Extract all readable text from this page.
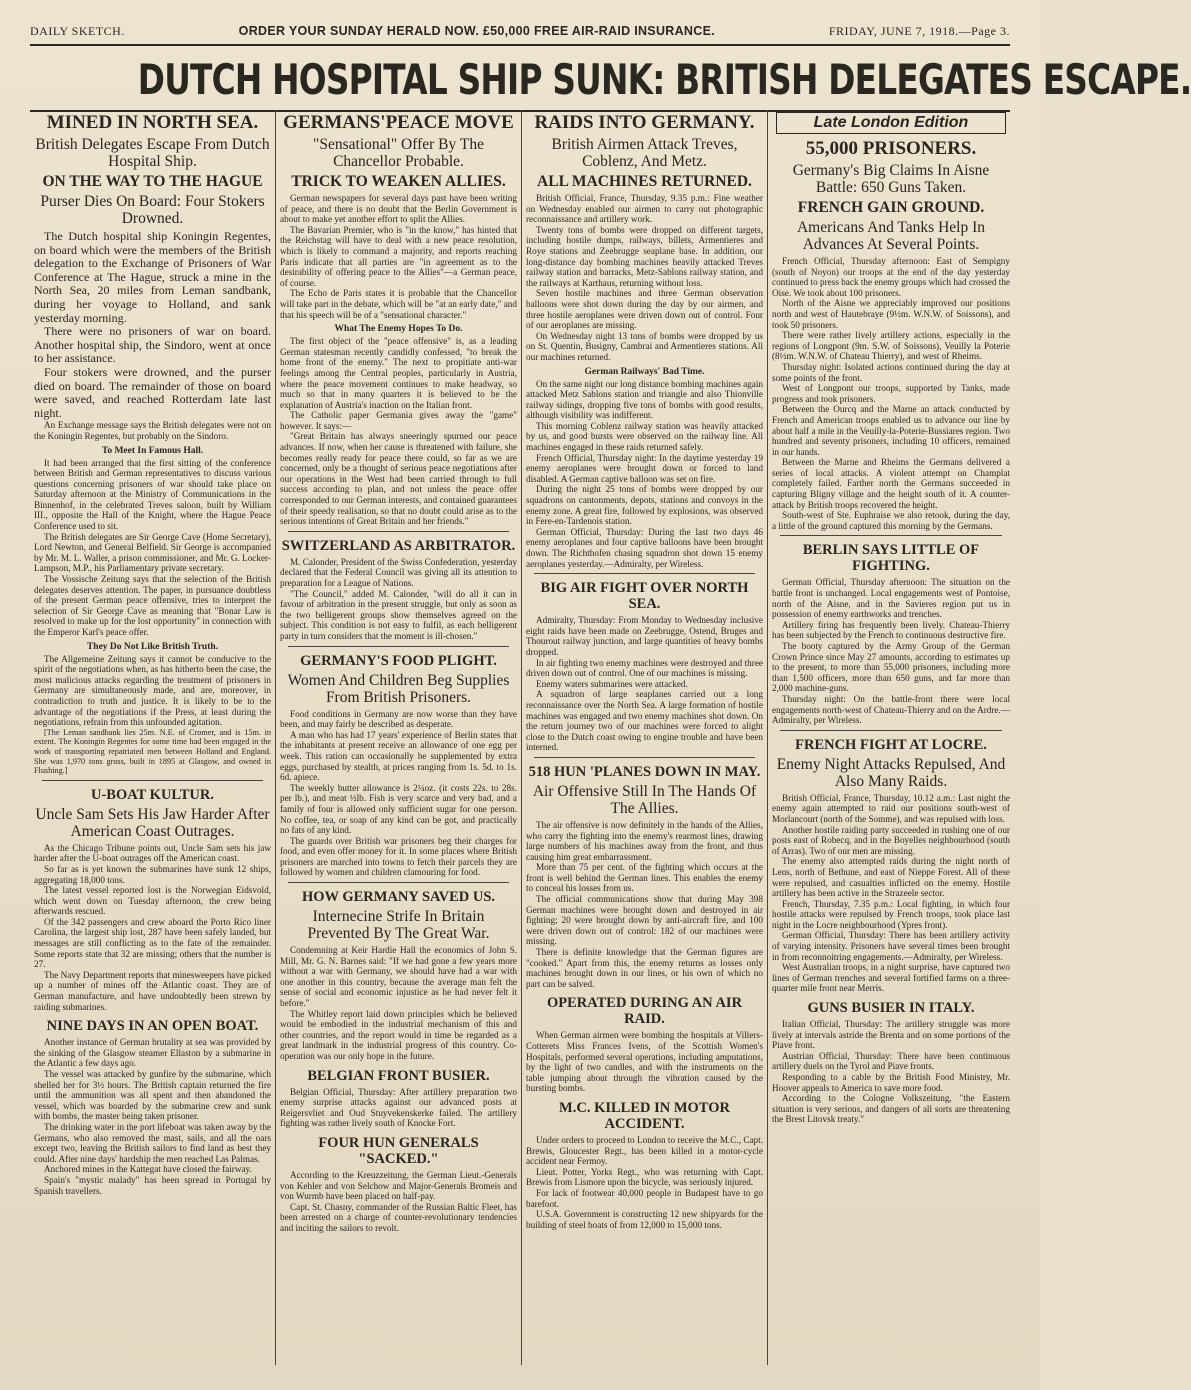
DAILY SKETCH.	ORDER YOUR SUNDAY HERALD NOW. £50,000 FREE AIR-RAID INSURANCE.	FRIDAY, JUNE 7, 1918.—Page 3.
DUTCH HOSPITAL SHIP SUNK: BRITISH DELEGATES ESCAPE.
MINED IN NORTH SEA.
British Delegates Escape From Dutch Hospital Ship.
ON THE WAY TO THE HAGUE
Purser Dies On Board: Four Stokers Drowned.

The Dutch hospital ship Koningin Regentes, on board which were the members of the British delegation to the Exchange of Prisoners of War Conference at The Hague, struck a mine in the North Sea, 20 miles from Leman sandbank, during her voyage to Holland, and sank yesterday morning.

There were no prisoners of war on board. Another hospital ship, the Sindoro, went at once to her assistance.

Four stokers were drowned, and the purser died on board. The remainder of those on board were saved, and reached Rotterdam late last night.

An Exchange message says the British delegates were not on the Koningin Regentes, but probably on the Sindoro.

To Meet In Famous Hall.

It had been arranged that the first sitting of the conference between British and German representatives to discuss various questions concerning prisoners of war should take place on Saturday afternoon at the Ministry of Communications in the Binnenhof, in the celebrated Treves saloon, built by William III., opposite the Hall of the Knight, where the Hague Peace Conference used to sit.

The British delegates are Sir George Cave (Home Secretary), Lord Newton, and General Belfield. Sir George is accompanied by Mr. M. L. Waller, a prison commissioner, and Mr. G. Locker-Lampson, M.P., his Parliamentary private secretary.

The Vossische Zeitung says that the selection of the British delegates deserves attention. The paper, in pursuance doubtless of the present German peace offensive, tries to interpret the selection of Sir George Cave as meaning that "Bonar Law is resolved to make up for the lost opportunity" in connection with the Emperor Karl's peace offer.

They Do Not Like British Truth.

The Allgemeine Zeitung says it cannot be conducive to the spirit of the negotiations when, as has hitherto been the case, the most malicious attacks regarding the treatment of prisoners in Germany are simultaneously made, and are, moreover, in contradiction to truth and justice. It is likely to be to the advantage of the negotiations if the Press, at least during the negotiations, refrain from this unfounded agitation.

[The Leman sandbank lies 25m. N.E. of Cromer, and is 15m. in extent. The Koningin Regentes for some time had been engaged in the work of transporting repatriated men between Holland and England. She was 1,970 tons gross, built in 1895 at Glasgow, and owned in Flushing.]

U-BOAT KULTUR.
Uncle Sam Sets His Jaw Harder After American Coast Outrages.

As the Chicago Tribune points out, Uncle Sam sets his jaw harder after the U-boat outrages off the American coast.

So far as is yet known the submarines have sunk 12 ships, aggregating 18,000 tons.

The latest vessel reported lost is the Norwegian Eidsvold, which went down on Tuesday afternoon, the crew being afterwards rescued.

Of the 342 passengers and crew aboard the Porto Rico liner Carolina, the largest ship lost, 287 have been safely landed, but messages are still conflicting as to the fate of the remainder. Some reports state that 32 are missing; others that the number is 27.

The Navy Department reports that minesweepers have picked up a number of mines off the Atlantic coast. They are of German manufacture, and have undoubtedly been strewn by raiding submarines.

NINE DAYS IN AN OPEN BOAT.

Another instance of German brutality at sea was provided by the sinking of the Glasgow steamer Ellaston by a submarine in the Atlantic a few days ago.

The vessel was attacked by gunfire by the submarine, which shelled her for 3½ hours. The British captain returned the fire until the ammunition was all spent and then abandoned the vessel, which was boarded by the submarine crew and sunk with bombs, the master being taken prisoner.

The drinking water in the port lifeboat was taken away by the Germans, who also removed the mast, sails, and all the oars except two, leaving the British sailors to find land as best they could. After nine days' hardship the men reached Las Palmas.

Anchored mines in the Kattegat have closed the fairway.

Spain's "mystic malady" has been spread in Portugal by Spanish travellers.

GERMANS'PEACE MOVE
"Sensational" Offer By The Chancellor Probable.
TRICK TO WEAKEN ALLIES.

German newspapers for several days past have been writing of peace, and there is no doubt that the Berlin Government is about to make yet another effort to split the Allies.

The Bavarian Premier, who is "in the know," has hinted that the Reichstag will have to deal with a new peace resolution, which is likely to command a majority, and reports reaching Paris indicate that all parties are "in agreement as to the desirability of offering peace to the Allies"—a German peace, of course.

The Echo de Paris states it is probable that the Chancellor will take part in the debate, which will be "at an early date," and that his speech will be of a "sensational character."

What The Enemy Hopes To Do.

The first object of the "peace offensive" is, as a leading German statesman recently candidly confessed, "to break the home front of the enemy." The next to propitiate anti-war feelings among the Central peoples, particularly in Austria, where the peace movement continues to make headway, so much so that in many quarters it is believed to be the explanation of Austria's inaction on the Italian front.

The Catholic paper Germania gives away the "game" however. It says:—

"Great Britain has always sneeringly spurned our peace advances. If now, when her cause is threatened with failure, she becomes really ready for peace there could, so far as we are concerned, only be a thought of serious peace negotiations after our operations in the West had been carried through to full success according to plan, and not unless the peace offer corresponded to our German interests, and contained guarantees of their speedy realisation, so that no doubt could arise as to the serious intentions of Great Britain and her friends."

SWITZERLAND AS ARBITRATOR.

M. Calonder, President of the Swiss Confederation, yesterday declared that the Federal Council was giving all its attention to preparation for a League of Nations.

"The Council," added M. Calonder, "will do all it can in favour of arbitration in the present struggle, but only as soon as the two belligerent groups show themselves agreed on the subject. This condition is not easy to fulfil, as each belligerent party in turn considers that the moment is ill-chosen."

GERMANY'S FOOD PLIGHT.
Women And Children Beg Supplies From British Prisoners.

Food conditions in Germany are now worse than they have been, and may fairly be described as desperate.

A man who has had 17 years' experience of Berlin states that the inhabitants at present receive an allowance of one egg per week. This ration can occasionally be supplemented by extra eggs, purchased by stealth, at prices ranging from 1s. 5d. to 1s. 6d. apiece.

The weekly butter allowance is 2¼oz. (it costs 22s. to 28s. per lb.), and meat ½lb. Fish is very scarce and very bad, and a family of four is allowed only sufficient sugar for one person. No coffee, tea, or soap of any kind can be got, and practically no fats of any kind.

The guards over British war prisoners beg their charges for food, and even offer money for it. In some places where British prisoners are marched into towns to fetch their parcels they are followed by women and children clamouring for food.

HOW GERMANY SAVED US.
Internecine Strife In Britain Prevented By The Great War.

Condemning at Keir Hardie Hall the economics of John S. Mill, Mr. G. N. Barnes said: "If we had gone a few years more without a war with Germany, we should have had a war with one another in this country, because the average man felt the sense of social and economic injustice as he had never felt it before."

The Whitley report laid down principles which he believed would be embodied in the industrial mechanism of this and other countries, and the report would in time be regarded as a great landmark in the industrial progress of this country. Co-operation was our only hope in the future.

BELGIAN FRONT BUSIER.

Belgian Official, Thursday: After artillery preparation two enemy surprise attacks against our advanced posts at Reigersvliet and Oud Stuyvekenskerke failed. The artillery fighting was rather lively south of Knocke Fort.

FOUR HUN GENERALS "SACKED."

According to the Kreuzzeitung, the German Lieut.-Generals von Kehler and von Selchow and Major-Generals Bromeis and von Wurmb have been placed on half-pay.

Capt. St. Chasny, commander of the Russian Baltic Fleet, has been arrested on a charge of counter-revolutionary tendencies and inciting the sailors to revolt.

RAIDS INTO GERMANY.
British Airmen Attack Treves, Coblenz, And Metz.
ALL MACHINES RETURNED.

British Official, France, Thursday, 9.35 p.m.: Fine weather on Wednesday enabled our airmen to carry out photographic reconnaissance and artillery work.

Twenty tons of bombs were dropped on different targets, including hostile dumps, railways, billets, Armentieres and Roye stations and Zeebrugge seaplane base. In addition, our long-distance day bombing machines heavily attacked Treves railway station and barracks, Metz-Sablons railway station, and the railways at Karthaus, returning without loss.

Seven hostile machines and three German observation balloons were shot down during the day by our airmen, and three hostile aeroplanes were driven down out of control. Four of our aeroplanes are missing.

On Wednesday night 13 tons of bombs were dropped by us on St. Quentin, Busigny, Cambrai and Armentieres stations. All our machines returned.

German Railways' Bad Time.

On the same night our long distance bombing machines again attacked Metz Sablons station and triangle and also Thionville railway sidings, dropping five tons of bombs with good results, although visibility was indifferent.

This morning Coblenz railway station was heavily attacked by us, and good bursts were observed on the railway line. All machines engaged in these raids returned safely.

French Official, Thursday night: In the daytime yesterday 19 enemy aeroplanes were brought down or forced to land disabled. A German captive balloon was set on fire.

During the night 25 tons of bombs were dropped by our squadrons on cantonments, depots, stations and convoys in the enemy zone. A great fire, followed by explosions, was observed in Fere-en-Tardenois station.

German Official, Thursday: During the last two days 46 enemy aeroplanes and four captive balloons have been brought down. The Richthofen chasing squadron shot down 15 enemy aeroplanes yesterday.—Admiralty, per Wireless.

BIG AIR FIGHT OVER NORTH SEA.

Admiralty, Thursday: From Monday to Wednesday inclusive eight raids have been made on Zeebrugge, Ostend, Bruges and Thourout railway junction, and large quantities of heavy bombs dropped.

In air fighting two enemy machines were destroyed and three driven down out of control. One of our machines is missing.

Enemy waters submarines were attacked.

A squadron of large seaplanes carried out a long reconnaissance over the North Sea. A large formation of hostile machines was engaged and two enemy machines shot down. On the return journey two of our machines were forced to alight close to the Dutch coast owing to engine trouble and have been interned.

518 HUN 'PLANES DOWN IN MAY.
Air Offensive Still In The Hands Of The Allies.

The air offensive is now definitely in the hands of the Allies, who carry the fighting into the enemy's rearmost lines, drawing large numbers of his machines away from the front, and thus causing him great embarrassment.

More than 75 per cent. of the fighting which occurs at the front is well behind the German lines. This enables the enemy to conceal his losses from us.

The official communications show that during May 398 German machines were brought down and destroyed in air fighting; 20 were brought down by anti-aircraft fire, and 100 were driven down out of control: 182 of our machines were missing.

There is definite knowledge that the German figures are "cooked." Apart from this, the enemy returns as losses only machines brought down in our lines, or his own of which no part can be salved.

OPERATED DURING AN AIR RAID.

When German airmen were bombing the hospitals at Villers-Cotterets Miss Frances Ivens, of the Scottish Women's Hospitals, performed several operations, including amputations, by the light of two candles, and with the instruments on the table jumping about through the vibration caused by the bursting bombs.

M.C. KILLED IN MOTOR ACCIDENT.

Under orders to proceed to London to receive the M.C., Capt. Brewis, Gloucester Regt., has been killed in a motor-cycle accident near Fermoy.

Lieut. Potter, Yorks Regt., who was returning with Capt. Brewis from Lismore upon the bicycle, was seriously injured.

For lack of footwear 40,000 people in Budapest have to go barefoot.

U.S.A. Government is constructing 12 new shipyards for the building of steel boats of from 12,000 to 15,000 tons.

Late London Edition
55,000 PRISONERS.
Germany's Big Claims In Aisne Battle: 650 Guns Taken.
FRENCH GAIN GROUND.
Americans And Tanks Help In Advances At Several Points.

French Official, Thursday afternoon: East of Sempigny (south of Noyon) our troops at the end of the day yesterday continued to press back the enemy groups which had crossed the Oise. We took about 100 prisoners.

North of the Aisne we appreciably improved our positions north and west of Hautebraye (9½m. W.N.W. of Soissons), and took 50 prisoners.

There were rather lively artillery actions, especially in the regions of Longpont (9m. S.W. of Soissons), Veuilly la Poterie (8½m. W.N.W. of Chateau Thierry), and west of Rheims.

Thursday night: Isolated actions continued during the day at some points of the front.

West of Longpont our troops, supported by Tanks, made progress and took prisoners.

Between the Ourcq and the Marne an attack conducted by French and American troops enabled us to advance our line by about half a mile in the Veuilly-la-Poterie-Bussiares region. Two hundred and seventy prisoners, including 10 officers, remained in our hands.

Between the Marne and Rheims the Germans delivered a series of local attacks. A violent attempt on Champlat completely failed. Farther north the Germans succeeded in capturing Bligny village and the height south of it. A counter-attack by British troops recovered the height.

South-west of Ste. Euphraise we also retook, during the day, a little of the ground captured this morning by the Germans.

BERLIN SAYS LITTLE OF FIGHTING.

German Official, Thursday afternoon: The situation on the battle front is unchanged. Local engagements west of Pontoise, north of the Aisne, and in the Savieres region put us in possession of enemy earthworks and trenches.

Artillery firing has frequently been lively. Chateau-Thierry has been subjected by the French to continuous destructive fire.

The booty captured by the Army Group of the German Crown Prince since May 27 amounts, according to estimates up to the present, to more than 55,000 prisoners, including more than 1,500 officers, more than 650 guns, and far more than 2,000 machine-guns.

Thursday night: On the battle-front there were local engagements north-west of Chateau-Thierry and on the Ardre.—Admiralty, per Wireless.

FRENCH FIGHT AT LOCRE.
Enemy Night Attacks Repulsed, And Also Many Raids.

British Official, France, Thursday, 10.12 a.m.: Last night the enemy again attempted to raid our positions south-west of Morlancourt (north of the Somme), and was repulsed with loss.

Another hostile raiding party succeeded in rushing one of our posts east of Robecq, and in the Boyelles neighbourhood (south of Arras). Two of our men are missing.

The enemy also attempted raids during the night north of Lens, north of Bethune, and east of Nieppe Forest. All of these were repulsed, and casualties inflicted on the enemy. Hostile artillery has been active in the Strazeele sector.

French, Thursday, 7.35 p.m.: Local fighting, in which four hostile attacks were repulsed by French troops, took place last night in the Locre neighbourhood (Ypres front).

German Official, Thursday: There has been artillery activity of varying intensity. Prisoners have several times been brought in from reconnoitring engagements.—Admiralty, per Wireless.

West Australian troops, in a night surprise, have captured two lines of German trenches and several fortified farms on a three-quarter mile front near Merris.

GUNS BUSIER IN ITALY.

Italian Official, Thursday: The artillery struggle was more lively at intervals astride the Brenta and on some portions of the Piave front.

Austrian Official, Thursday: There have been continuous artillery duels on the Tyrol and Piave fronts.

Responding to a cable by the British Food Ministry, Mr. Hoover appeals to America to save more food.

According to the Cologne Volkszeitung, "the Eastern situation is very serious, and dangers of all sorts are threatening the Brest Litovsk treaty."
